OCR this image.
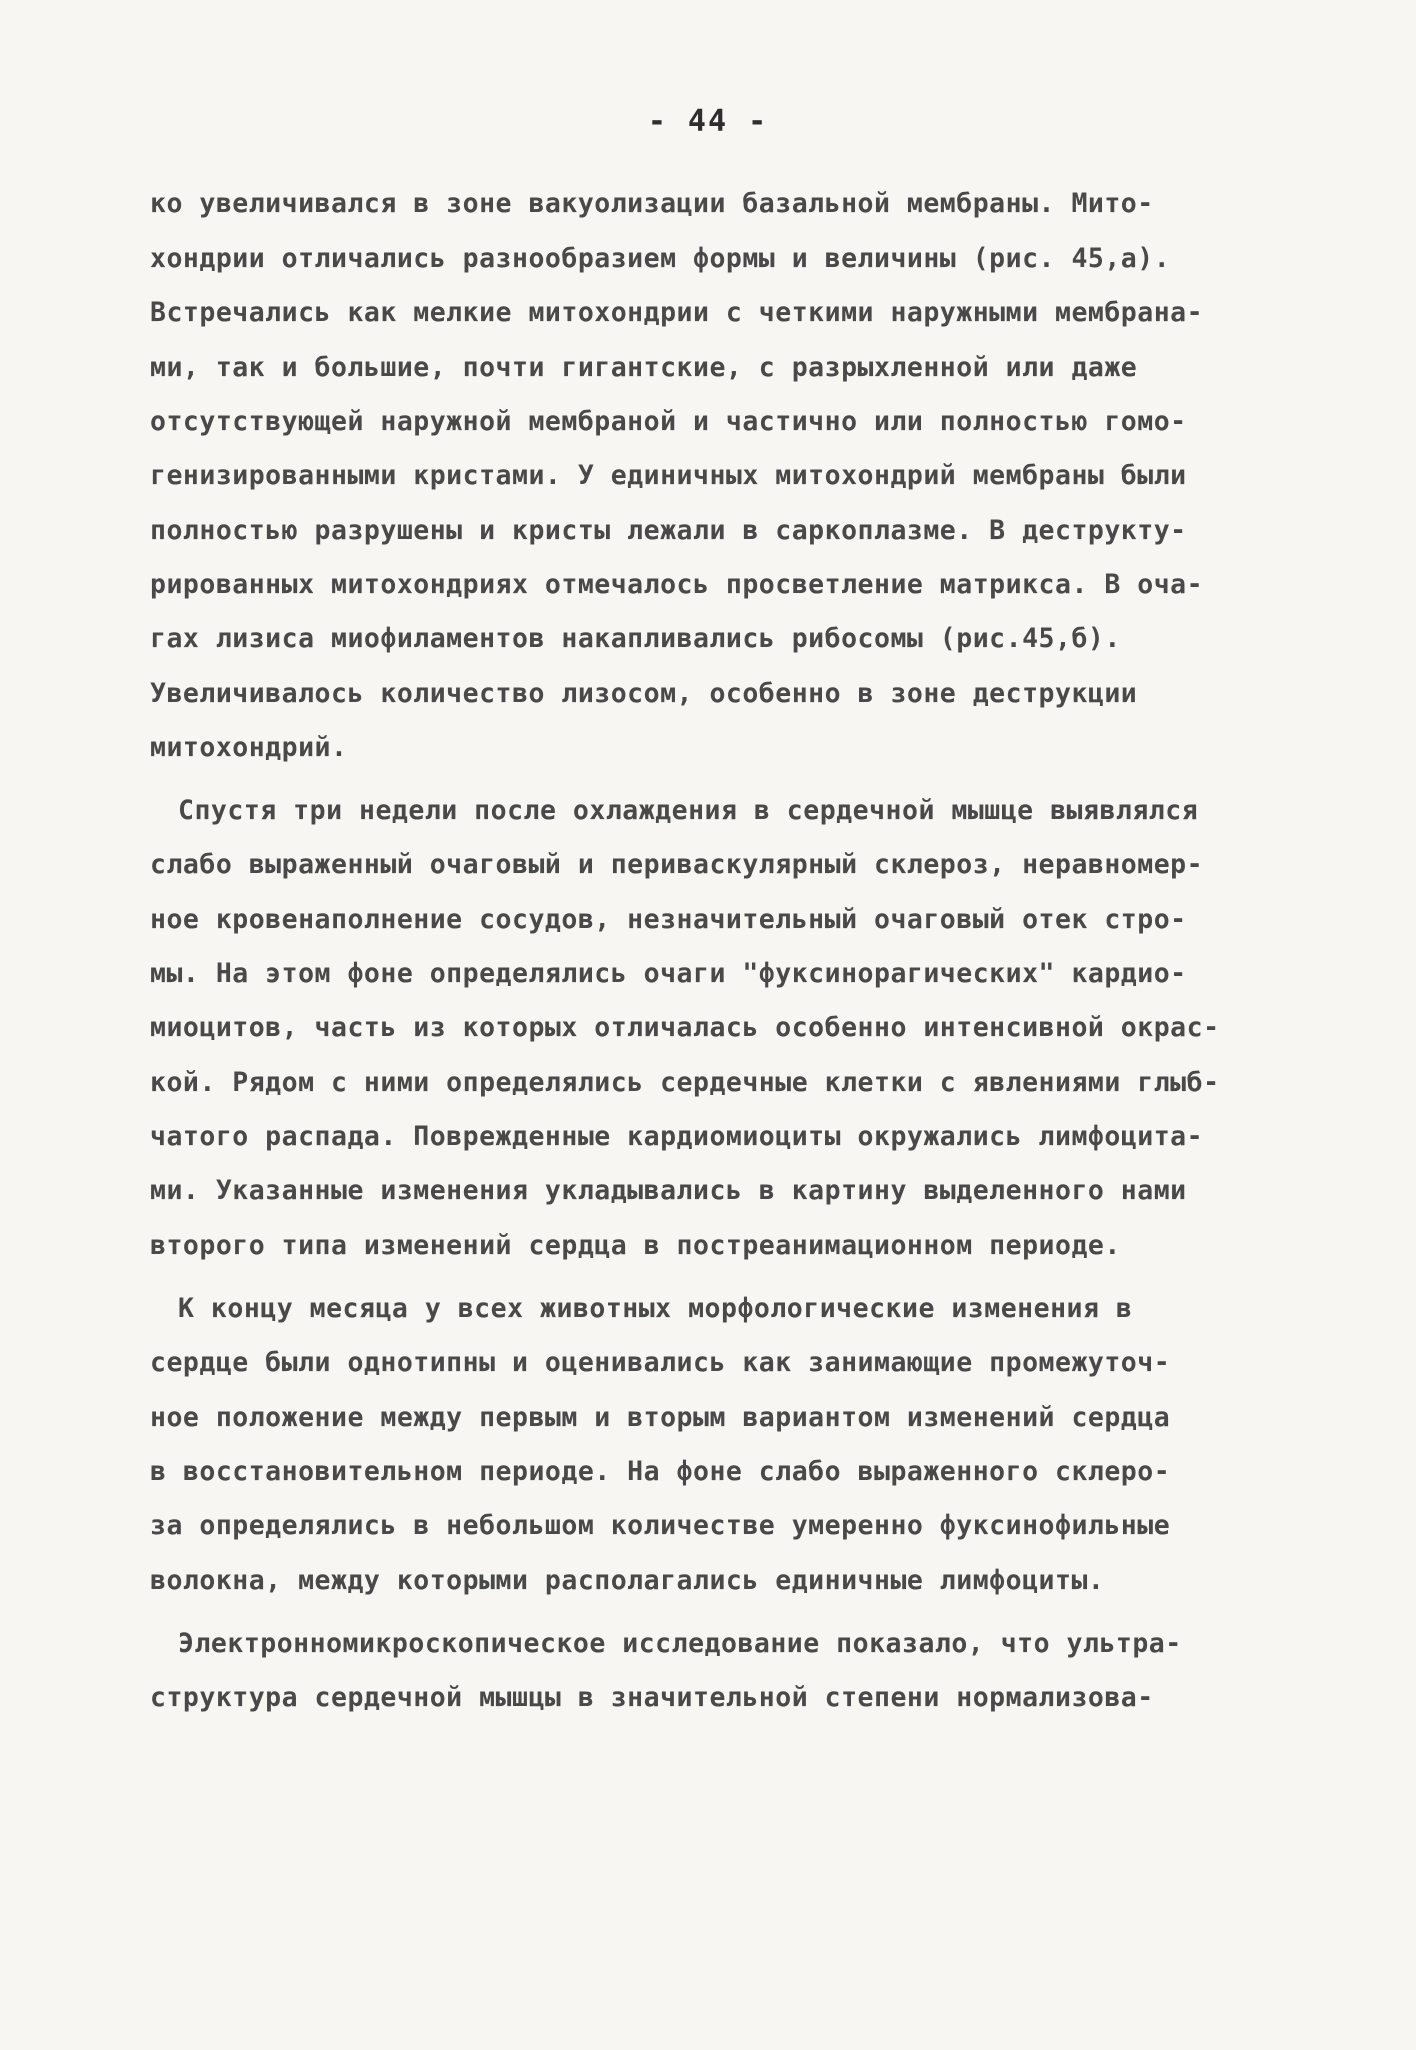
- 44 -
ко увеличивался в зоне вакуолизации базальной мембраны. Мито-
хондрии отличались разнообразием формы и величины (рис. 45,а).
Встречались как мелкие митохондрии с четкими наружными мембрана-
ми, так и большие, почти гигантские, с разрыхленной или даже
отсутствующей наружной мембраной и частично или полностью гомо-
генизированными кристами. У единичных митохондрий мембраны были
полностью разрушены и кристы лежали в саркоплазме. В деструкту-
рированных митохондриях отмечалось просветление матрикса. В оча-
гах лизиса миофиламентов накапливались рибосомы (рис.45,б).
Увеличивалось количество лизосом, особенно в зоне деструкции
митохондрий.
Спустя три недели после охлаждения в сердечной мышце выявлялся
слабо выраженный очаговый и периваскулярный склероз, неравномер-
ное кровенаполнение сосудов, незначительный очаговый отек стро-
мы. На этом фоне определялись очаги "фуксинорагических" кардио-
миоцитов, часть из которых отличалась особенно интенсивной окрас-
кой. Рядом с ними определялись сердечные клетки с явлениями глыб-
чатого распада. Поврежденные кардиомиоциты окружались лимфоцита-
ми. Указанные изменения укладывались в картину выделенного нами
второго типа изменений сердца в постреанимационном периоде.
К концу месяца у всех животных морфологические изменения в
сердце были однотипны и оценивались как занимающие промежуточ-
ное положение между первым и вторым вариантом изменений сердца
в восстановительном периоде. На фоне слабо выраженного склеро-
за определялись в небольшом количестве умеренно фуксинофильные
волокна, между которыми располагались единичные лимфоциты.
Электронномикроскопическое исследование показало, что ультра-
структура сердечной мышцы в значительной степени нормализова-
